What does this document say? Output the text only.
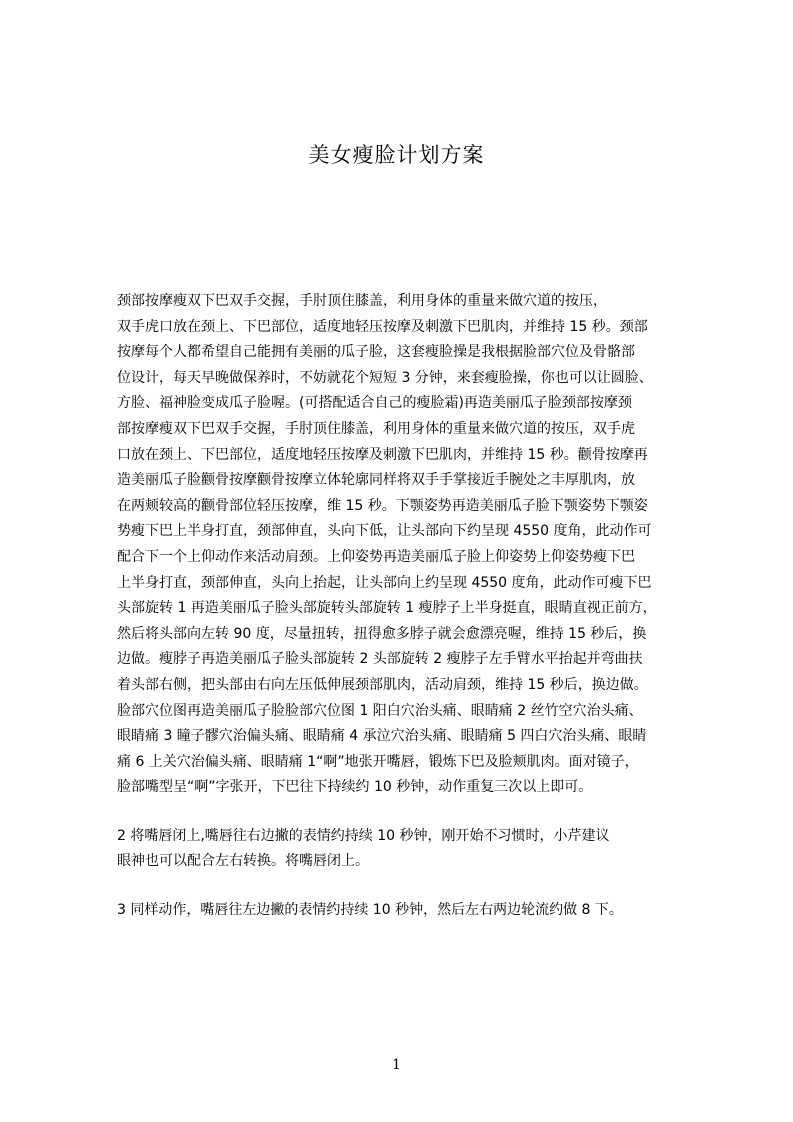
美女瘦脸计划方案

颈部按摩瘦双下巴双手交握，手肘顶住膝盖，利用身体的重量来做穴道的按压，
双手虎口放在颈上、下巴部位，适度地轻压按摩及刺激下巴肌肉，并维持 15 秒。颈部
按摩每个人都希望自己能拥有美丽的瓜子脸，这套瘦脸操是我根据脸部穴位及骨骼部
位设计，每天早晚做保养时，不妨就花个短短 3 分钟，来套瘦脸操，你也可以让圆脸、
方脸、福神脸变成瓜子脸喔。(可搭配适合自己的瘦脸霜)再造美丽瓜子脸颈部按摩颈
部按摩瘦双下巴双手交握，手肘顶住膝盖，利用身体的重量来做穴道的按压，双手虎
口放在颈上、下巴部位，适度地轻压按摩及刺激下巴肌肉，并维持 15 秒。颧骨按摩再
造美丽瓜子脸颧骨按摩颧骨按摩立体轮廓同样将双手手掌接近手腕处之丰厚肌肉，放
在两颊较高的颧骨部位轻压按摩，维 15 秒。下颚姿势再造美丽瓜子脸下颚姿势下颚姿
势瘦下巴上半身打直，颈部伸直，头向下低，让头部向下约呈现 4550 度角，此动作可
配合下一个上仰动作来活动肩颈。上仰姿势再造美丽瓜子脸上仰姿势上仰姿势瘦下巴
上半身打直，颈部伸直，头向上抬起，让头部向上约呈现 4550 度角，此动作可瘦下巴
头部旋转 1 再造美丽瓜子脸头部旋转头部旋转 1 瘦脖子上半身挺直，眼睛直视正前方，
然后将头部向左转 90 度，尽量扭转，扭得愈多脖子就会愈漂亮喔，维持 15 秒后，换
边做。瘦脖子再造美丽瓜子脸头部旋转 2 头部旋转 2 瘦脖子左手臂水平抬起并弯曲扶
着头部右侧，把头部由右向左压低伸展颈部肌肉，活动肩颈，维持 15 秒后，换边做。
脸部穴位图再造美丽瓜子脸脸部穴位图 1 阳白穴治头痛、眼睛痛 2 丝竹空穴治头痛、
眼睛痛 3 瞳子髎穴治偏头痛、眼睛痛 4 承泣穴治头痛、眼睛痛 5 四白穴治头痛、眼睛
痛 6 上关穴治偏头痛、眼睛痛 1“啊”地张开嘴唇，锻炼下巴及脸颊肌肉。面对镜子，
脸部嘴型呈“啊”字张开，下巴往下持续约 10 秒钟，动作重复三次以上即可。

2 将嘴唇闭上,嘴唇往右边撇的表情约持续 10 秒钟，刚开始不习惯时，小芹建议
眼神也可以配合左右转换。将嘴唇闭上。

3 同样动作，嘴唇往左边撇的表情约持续 10 秒钟，然后左右两边轮流约做 8 下。

1
